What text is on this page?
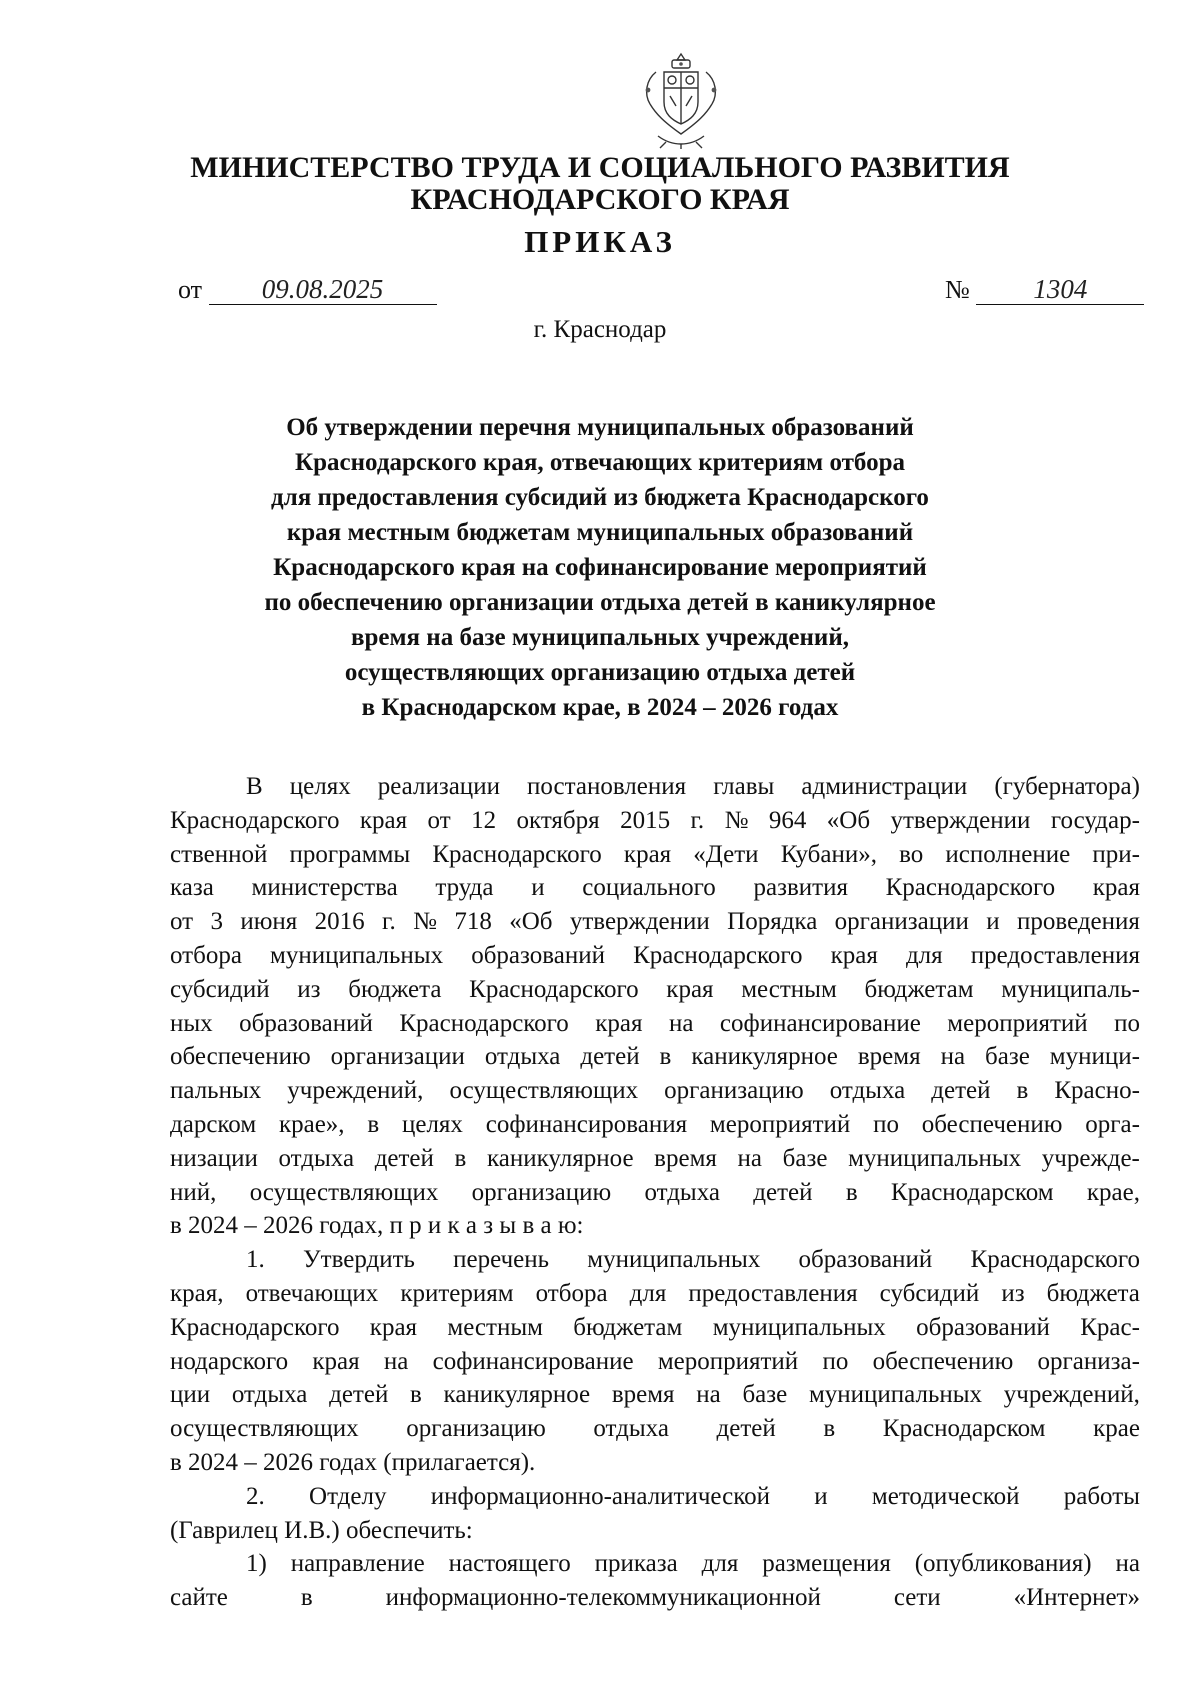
МИНИСТЕРСТВО ТРУДА И СОЦИАЛЬНОГО РАЗВИТИЯ
КРАСНОДАРСКОГО КРАЯ
ПРИКАЗ
от 09.08.2025	№ 1304
г. Краснодар
Об утверждении перечня муниципальных образований
Краснодарского края, отвечающих критериям отбора
для предоставления субсидий из бюджета Краснодарского
края местным бюджетам муниципальных образований
Краснодарского края на софинансирование мероприятий
по обеспечению организации отдыха детей в каникулярное
время на базе муниципальных учреждений,
осуществляющих организацию отдыха детей
в Краснодарском крае, в 2024 – 2026 годах
В целях реализации постановления главы администрации (губернатора)
Краснодарского края от 12 октября 2015 г. № 964 «Об утверждении государ-
ственной программы Краснодарского края «Дети Кубани», во исполнение при-
каза министерства труда и социального развития Краснодарского края
от 3 июня 2016 г. № 718 «Об утверждении Порядка организации и проведения
отбора муниципальных образований Краснодарского края для предоставления
субсидий из бюджета Краснодарского края местным бюджетам муниципаль-
ных образований Краснодарского края на софинансирование мероприятий по
обеспечению организации отдыха детей в каникулярное время на базе муници-
пальных учреждений, осуществляющих организацию отдыха детей в Красно-
дарском крае», в целях софинансирования мероприятий по обеспечению орга-
низации отдыха детей в каникулярное время на базе муниципальных учрежде-
ний, осуществляющих организацию отдыха детей в Краснодарском крае,
в 2024 – 2026 годах, п р и к а з ы в а ю:
1. Утвердить перечень муниципальных образований Краснодарского
края, отвечающих критериям отбора для предоставления субсидий из бюджета
Краснодарского края местным бюджетам муниципальных образований Крас-
нодарского края на софинансирование мероприятий по обеспечению организа-
ции отдыха детей в каникулярное время на базе муниципальных учреждений,
осуществляющих организацию отдыха детей в Краснодарском крае
в 2024 – 2026 годах (прилагается).
2. Отделу информационно-аналитической и методической работы
(Гаврилец И.В.) обеспечить:
1) направление настоящего приказа для размещения (опубликования) на
сайте	в	информационно-телекоммуникационной	сети	«Интернет»
